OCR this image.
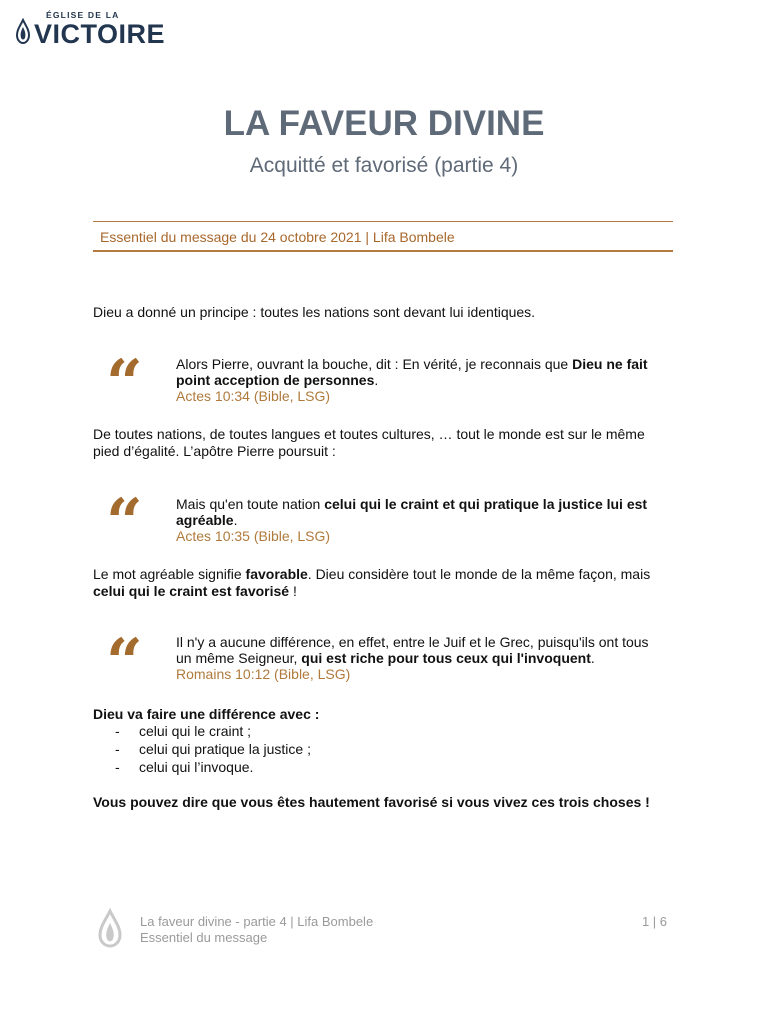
ÉGLISE DE LA
VICTOIRE
LA FAVEUR DIVINE
Acquitté et favorisé (partie 4)
Essentiel du message du 24 octobre 2021 | Lifa Bombele
Dieu a donné un principe : toutes les nations sont devant lui identiques.
“ Alors Pierre, ouvrant la bouche, dit : En vérité, je reconnais que Dieu ne fait point acception de personnes.
Actes 10:34 (Bible, LSG)
De toutes nations, de toutes langues et toutes cultures, … tout le monde est sur le même pied d’égalité. L’apôtre Pierre poursuit :
“ Mais qu'en toute nation celui qui le craint et qui pratique la justice lui est agréable.
Actes 10:35 (Bible, LSG)
Le mot agréable signifie favorable. Dieu considère tout le monde de la même façon, mais celui qui le craint est favorisé !
“ Il n'y a aucune différence, en effet, entre le Juif et le Grec, puisqu'ils ont tous un même Seigneur, qui est riche pour tous ceux qui l'invoquent.
Romains 10:12 (Bible, LSG)
Dieu va faire une différence avec :
- celui qui le craint ;
- celui qui pratique la justice ;
- celui qui l’invoque.
Vous pouvez dire que vous êtes hautement favorisé si vous vivez ces trois choses !
La faveur divine - partie 4 | Lifa Bombele
Essentiel du message
1 | 6
